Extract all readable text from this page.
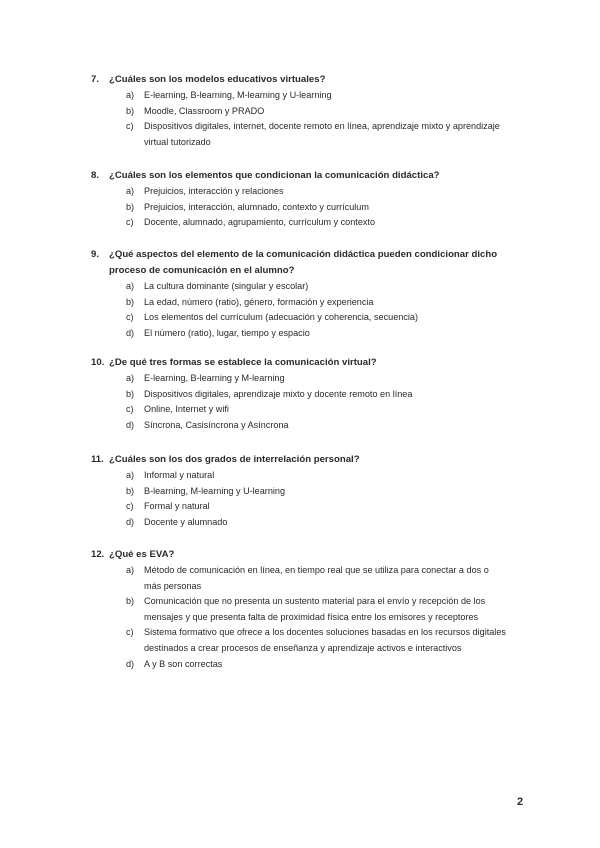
7. ¿Cuáles son los modelos educativos virtuales?
a) E-learning, B-learning, M-learning y U-learning
b) Moodle, Classroom y PRADO
c) Dispositivos digitales, internet, docente remoto en línea, aprendizaje mixto y aprendizaje virtual tutorizado
8. ¿Cuáles son los elementos que condicionan la comunicación didáctica?
a) Prejuicios, interacción y relaciones
b) Prejuicios, interacción, alumnado, contexto y currículum
c) Docente, alumnado, agrupamiento, currículum y contexto
9. ¿Qué aspectos del elemento de la comunicación didáctica pueden condicionar dicho proceso de comunicación en el alumno?
a) La cultura dominante (singular y escolar)
b) La edad, número (ratio), género, formación y experiencia
c) Los elementos del currículum (adecuación y coherencia, secuencia)
d) El número (ratio), lugar, tiempo y espacio
10. ¿De qué tres formas se establece la comunicación virtual?
a) E-learning, B-learning y M-learning
b) Dispositivos digitales, aprendizaje mixto y docente remoto en línea
c) Online, Internet y wifi
d) Síncrona, Casisíncrona y Asíncrona
11. ¿Cuáles son los dos grados de interrelación personal?
a) Informal y natural
b) B-learning, M-learning y U-learning
c) Formal y natural
d) Docente y alumnado
12. ¿Qué es EVA?
a) Método de comunicación en línea, en tiempo real que se utiliza para conectar a dos o más personas
b) Comunicación que no presenta un sustento material para el envío y recepción de los mensajes y que presenta falta de proximidad física entre los emisores y receptores
c) Sistema formativo que ofrece a los docentes soluciones basadas en los recursos digitales destinados a crear procesos de enseñanza y aprendizaje activos e interactivos
d) A y B son correctas
2
